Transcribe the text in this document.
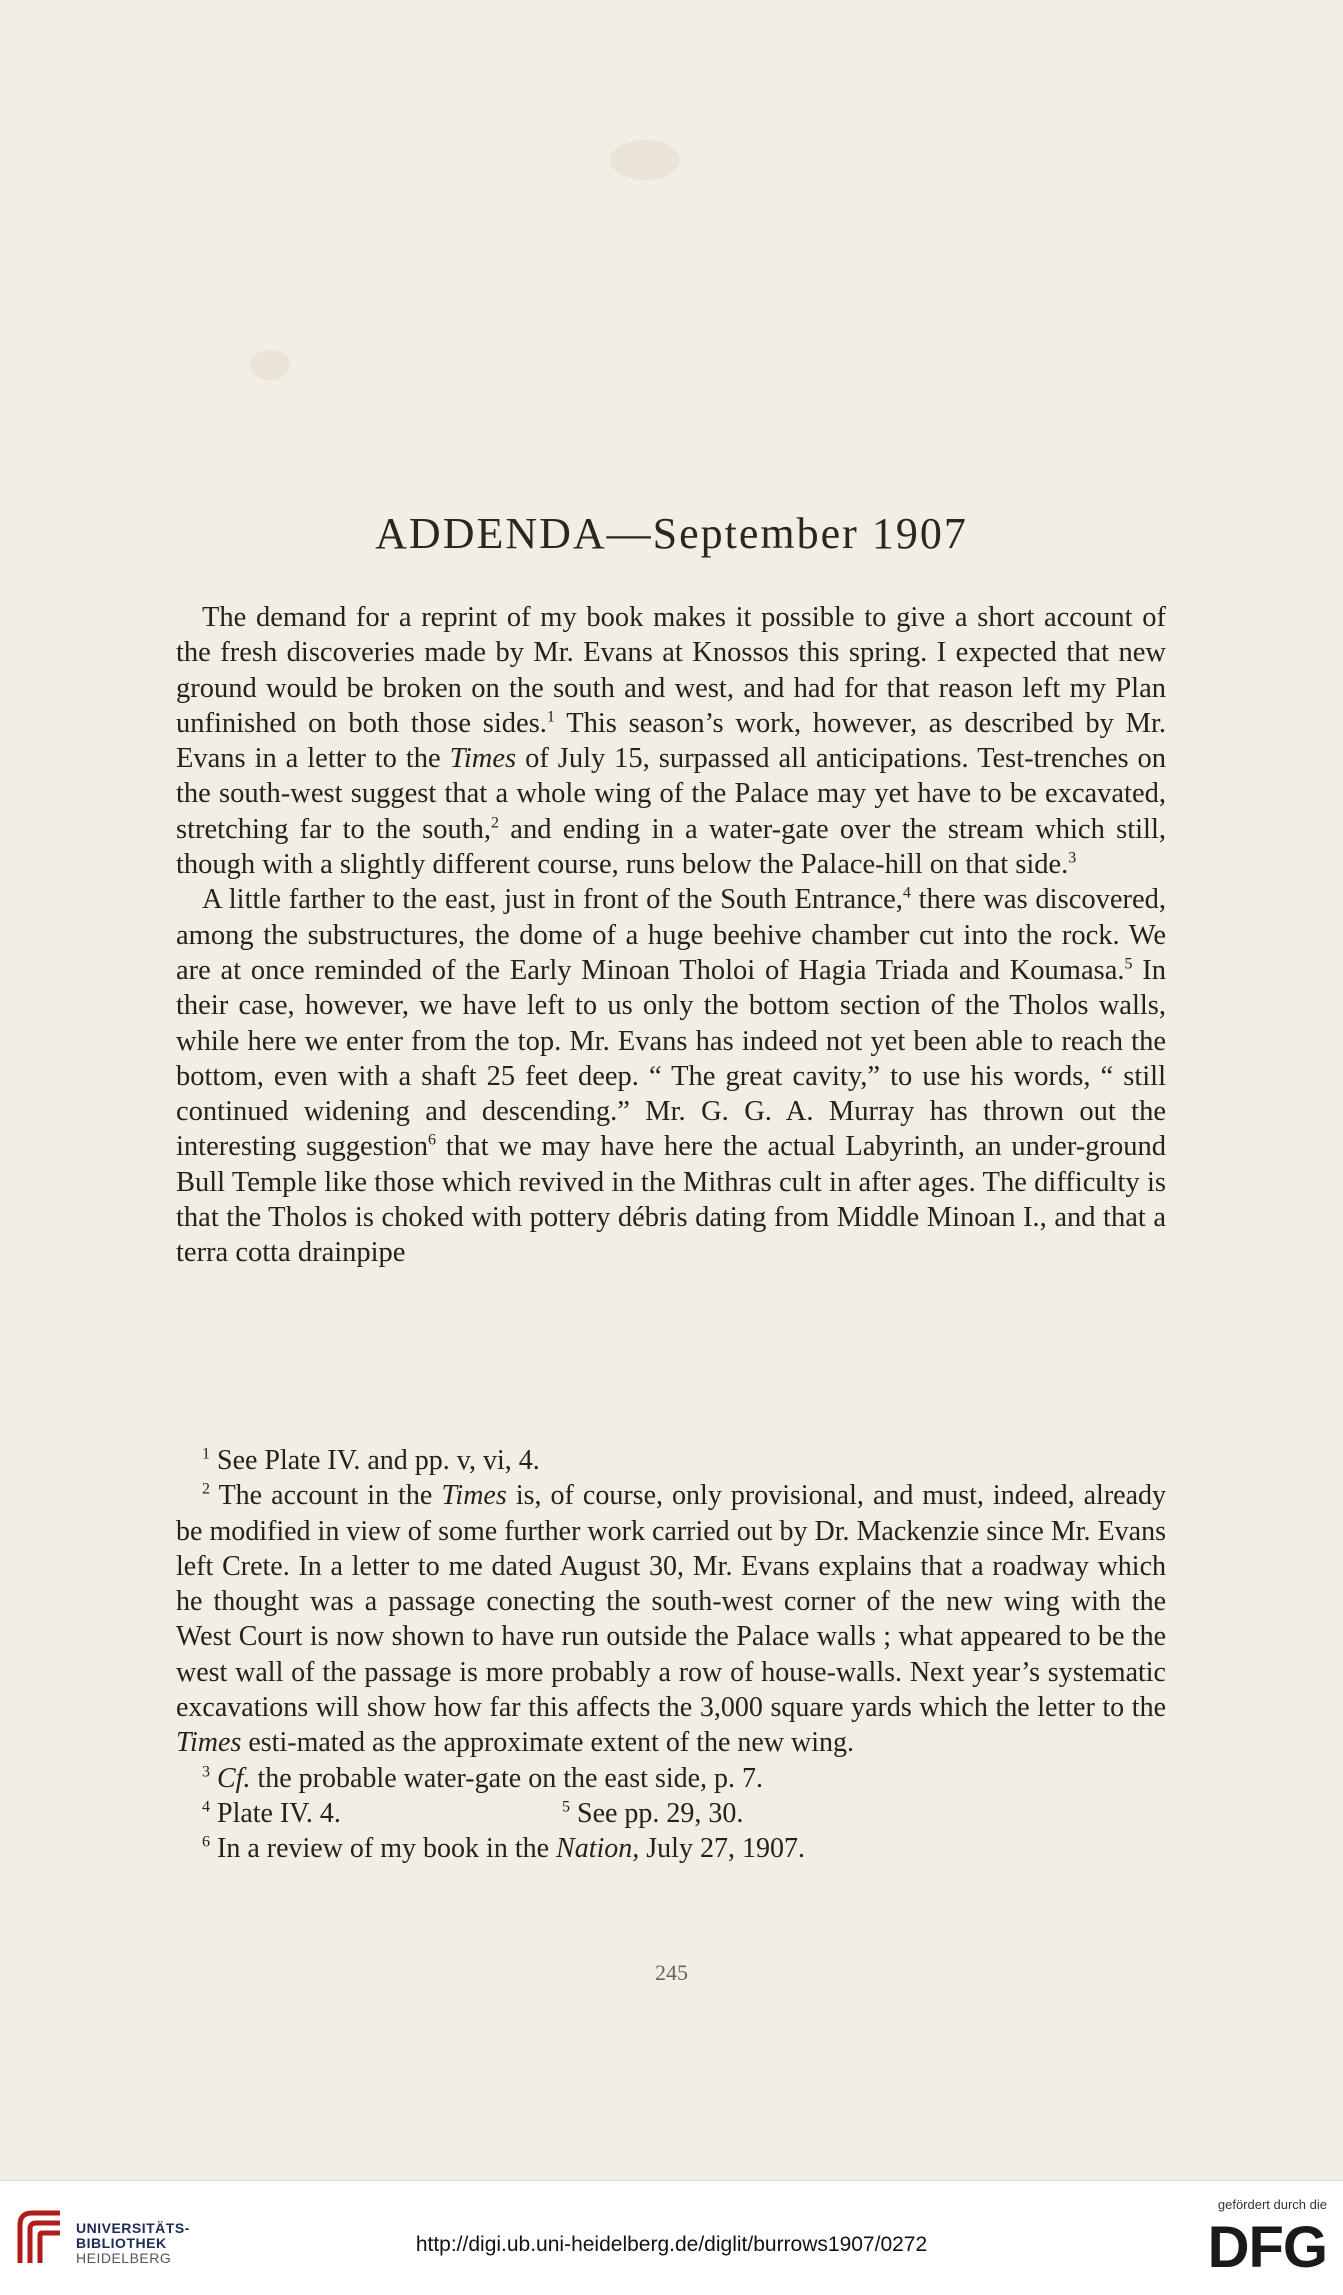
ADDENDA—September 1907

The demand for a reprint of my book makes it possible to give a short account of the fresh discoveries made by Mr. Evans at Knossos this spring. I expected that new ground would be broken on the south and west, and had for that reason left my Plan unfinished on both those sides.$^1$ This season’s work, however, as described by Mr. Evans in a letter to the Times of July 15, surpassed all anticipations. Test-trenches on the south-west suggest that a whole wing of the Palace may yet have to be excavated, stretching far to the south,$^2$ and ending in a water-gate over the stream which still, though with a slightly different course, runs below the Palace-hill on that side.$^3$

A little farther to the east, just in front of the South Entrance,$^4$ there was discovered, among the substructures, the dome of a huge beehive chamber cut into the rock. We are at once reminded of the Early Minoan Tholoi of Hagia Triada and Koumasa.$^5$ In their case, however, we have left to us only the bottom section of the Tholos walls, while here we enter from the top. Mr. Evans has indeed not yet been able to reach the bottom, even with a shaft 25 feet deep. “ The great cavity,” to use his words, “ still continued widening and descending.” Mr. G. G. A. Murray has thrown out the interesting suggestion$^6$ that we may have here the actual Labyrinth, an under-ground Bull Temple like those which revived in the Mithras cult in after ages. The difficulty is that the Tholos is choked with pottery débris dating from Middle Minoan I., and that a terra cotta drainpipe

$^1$ See Plate IV. and pp. v, vi, 4.

$^2$ The account in the Times is, of course, only provisional, and must, indeed, already be modified in view of some further work carried out by Dr. Mackenzie since Mr. Evans left Crete. In a letter to me dated August 30, Mr. Evans explains that a roadway which he thought was a passage conecting the south-west corner of the new wing with the West Court is now shown to have run outside the Palace walls ; what appeared to be the west wall of the passage is more probably a row of house-walls. Next year’s systematic excavations will show how far this affects the 3,000 square yards which the letter to the Times esti-mated as the approximate extent of the new wing.

$^3$ Cf. the probable water-gate on the east side, p. 7.

$^4$ Plate IV. 4.	$^5$ See pp. 29, 30.

$^6$ In a review of my book in the Nation, July 27, 1907.

245
UNIVERSITÄTS-
BIBLIOTHEK
HEIDELBERG
http://digi.ub.uni-heidelberg.de/diglit/burrows1907/0272
gefördert durch die
DFG
